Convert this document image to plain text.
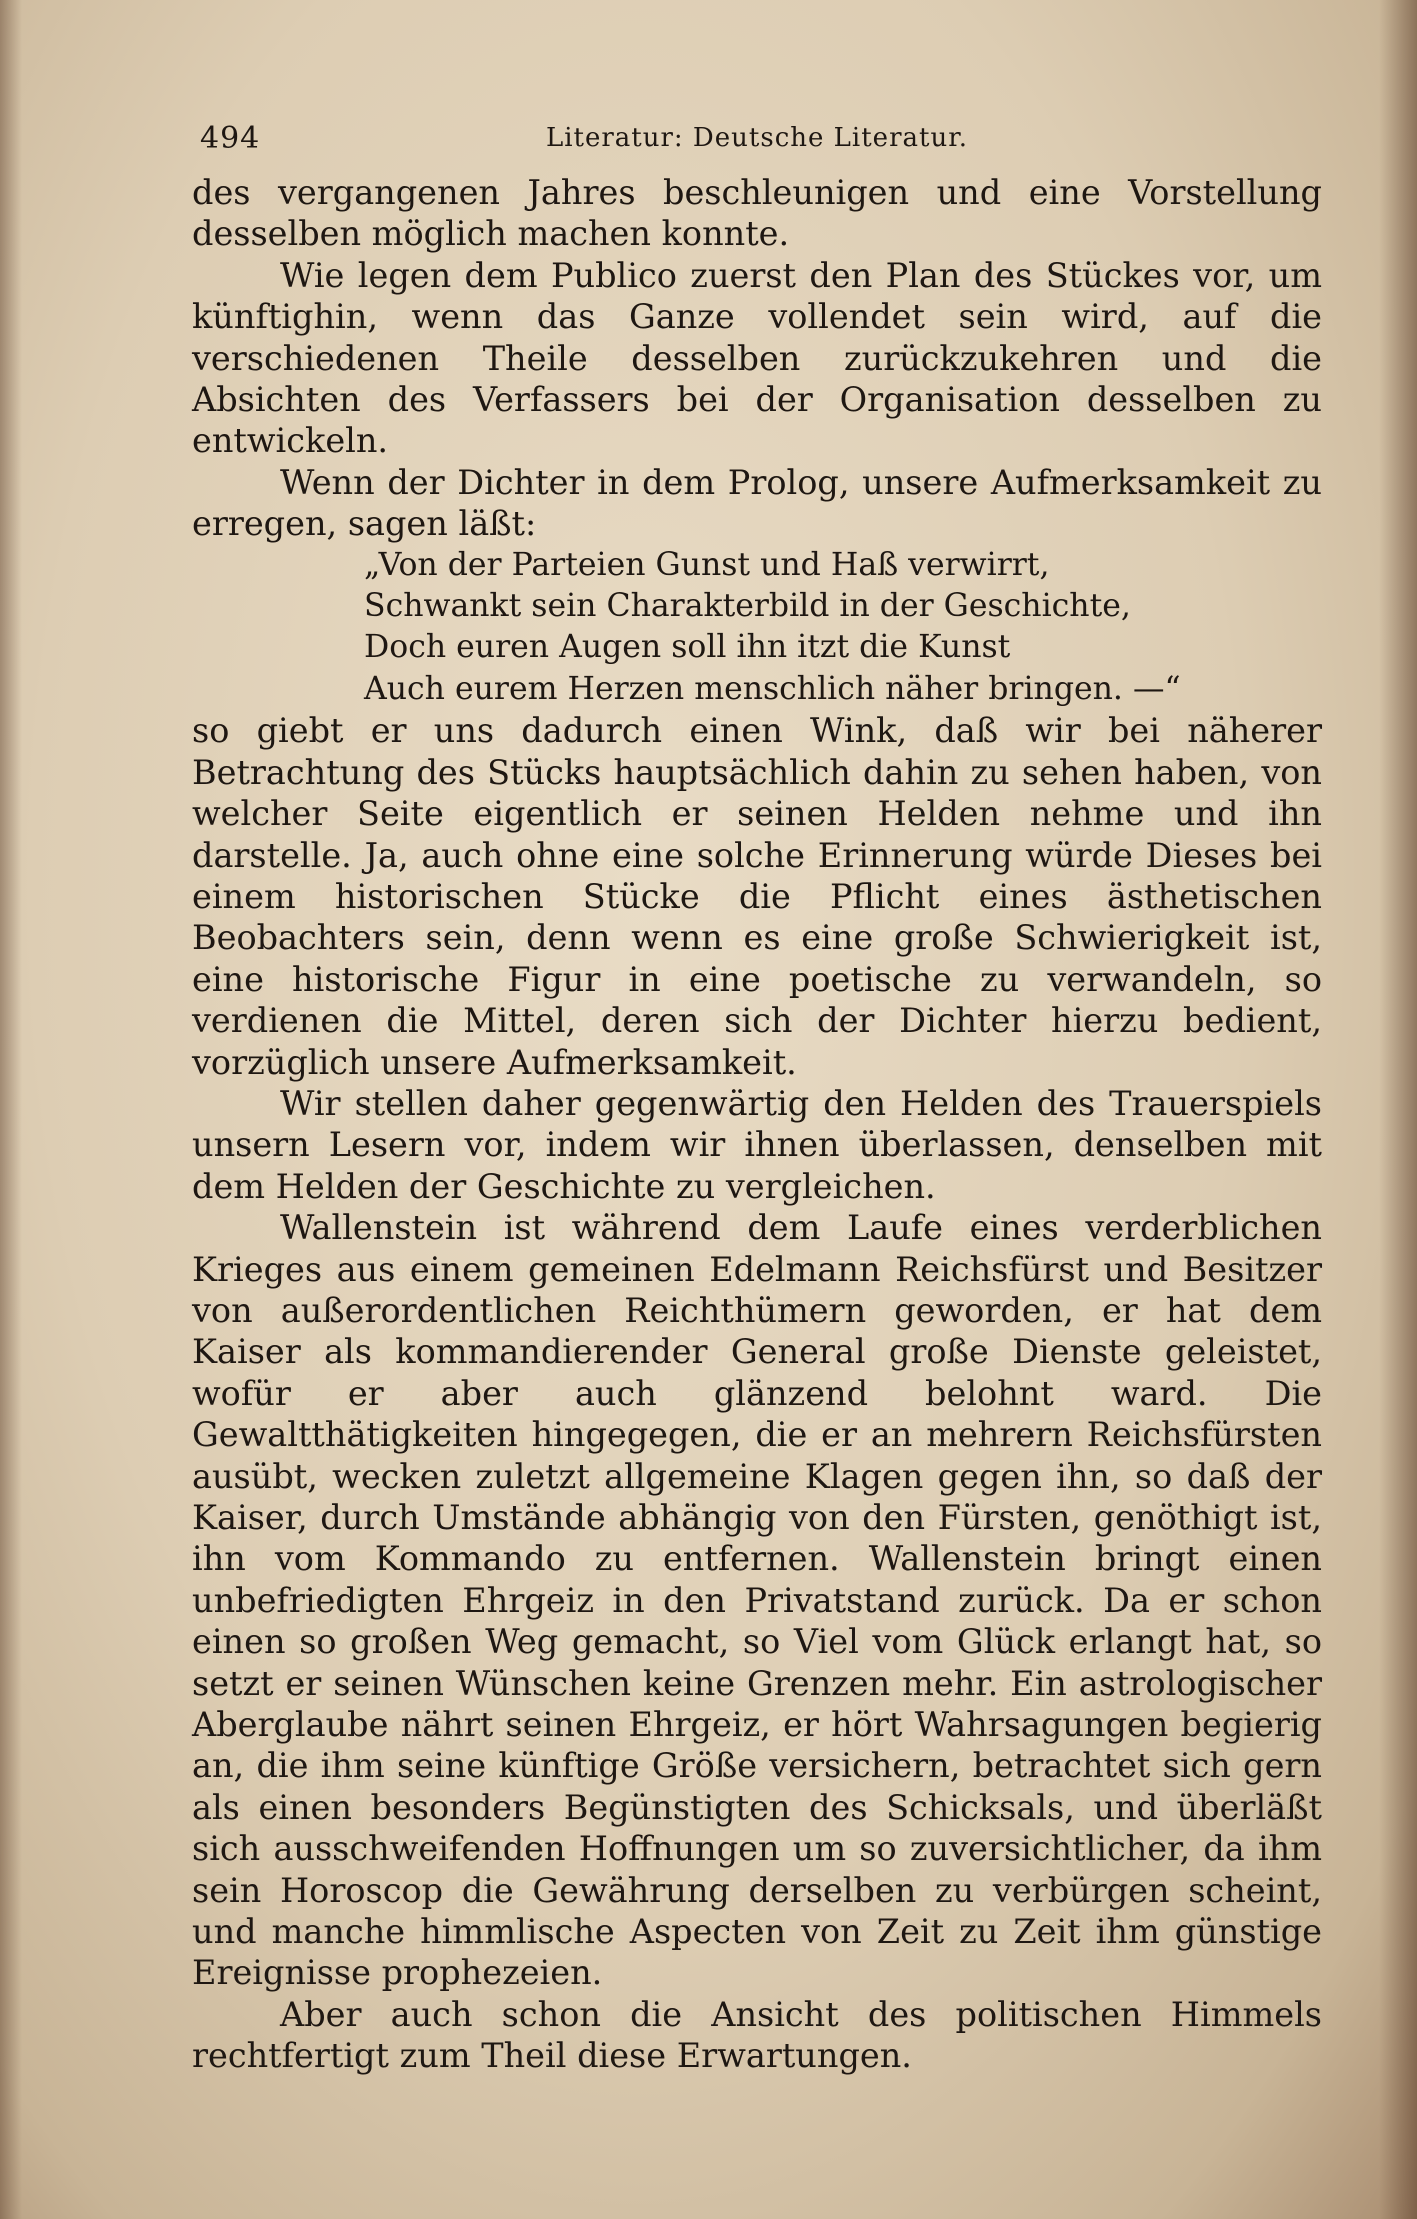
494	Literatur: Deutsche Literatur.

des vergangenen Jahres beschleunigen und eine Vorstellung desselben möglich machen konnte.

Wie legen dem Publico zuerst den Plan des Stückes vor, um künftighin, wenn das Ganze vollendet sein wird, auf die verschiedenen Theile desselben zurückzukehren und die Absichten des Verfassers bei der Organisation desselben zu entwickeln.

Wenn der Dichter in dem Prolog, unsere Aufmerksamkeit zu erregen, sagen läßt:

„Von der Parteien Gunst und Haß verwirrt,
Schwankt sein Charakterbild in der Geschichte,
Doch euren Augen soll ihn itzt die Kunst
Auch eurem Herzen menschlich näher bringen. —“

so giebt er uns dadurch einen Wink, daß wir bei näherer Betrachtung des Stücks hauptsächlich dahin zu sehen haben, von welcher Seite eigentlich er seinen Helden nehme und ihn darstelle. Ja, auch ohne eine solche Erinnerung würde Dieses bei einem historischen Stücke die Pflicht eines ästhetischen Beobachters sein, denn wenn es eine große Schwierigkeit ist, eine historische Figur in eine poetische zu verwandeln, so verdienen die Mittel, deren sich der Dichter hierzu bedient, vorzüglich unsere Aufmerksamkeit.

Wir stellen daher gegenwärtig den Helden des Trauerspiels unsern Lesern vor, indem wir ihnen überlassen, denselben mit dem Helden der Geschichte zu vergleichen.

Wallenstein ist während dem Laufe eines verderblichen Krieges aus einem gemeinen Edelmann Reichsfürst und Besitzer von außerordentlichen Reichthümern geworden, er hat dem Kaiser als kommandierender General große Dienste geleistet, wofür er aber auch glänzend belohnt ward. Die Gewaltthätigkeiten hingegegen, die er an mehrern Reichsfürsten ausübt, wecken zuletzt allgemeine Klagen gegen ihn, so daß der Kaiser, durch Umstände abhängig von den Fürsten, genöthigt ist, ihn vom Kommando zu entfernen. Wallenstein bringt einen unbefriedigten Ehrgeiz in den Privatstand zurück. Da er schon einen so großen Weg gemacht, so Viel vom Glück erlangt hat, so setzt er seinen Wünschen keine Grenzen mehr. Ein astrologischer Aberglaube nährt seinen Ehrgeiz, er hört Wahrsagungen begierig an, die ihm seine künftige Größe versichern, betrachtet sich gern als einen besonders Begünstigten des Schicksals, und überläßt sich ausschweifenden Hoffnungen um so zuversichtlicher, da ihm sein Horoscop die Gewährung derselben zu verbürgen scheint, und manche himmlische Aspecten von Zeit zu Zeit ihm günstige Ereignisse prophezeien.

Aber auch schon die Ansicht des politischen Himmels rechtfertigt zum Theil diese Erwartungen.
